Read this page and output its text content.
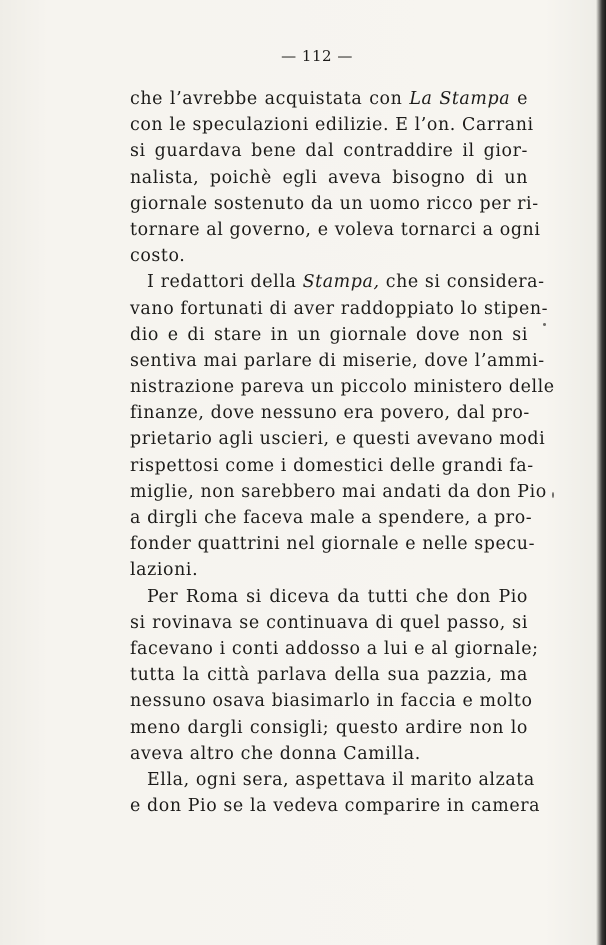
— 112 —
che l’avrebbe acquistata con La Stampa e
con le speculazioni edilizie. E l’on. Carrani
si guardava bene dal contraddire il gior-
nalista, poichè egli aveva bisogno di un
giornale sostenuto da un uomo ricco per ri-
tornare al governo, e voleva tornarci a ogni
costo.
I redattori della Stampa, che si considera-
vano fortunati di aver raddoppiato lo stipen-
dio e di stare in un giornale dove non si
sentiva mai parlare di miserie, dove l’ammi-
nistrazione pareva un piccolo ministero delle
finanze, dove nessuno era povero, dal pro-
prietario agli uscieri, e questi avevano modi
rispettosi come i domestici delle grandi fa-
miglie, non sarebbero mai andati da don Pio
a dirgli che faceva male a spendere, a pro-
fonder quattrini nel giornale e nelle specu-
lazioni.
Per Roma si diceva da tutti che don Pio
si rovinava se continuava di quel passo, si
facevano i conti addosso a lui e al giornale;
tutta la città parlava della sua pazzia, ma
nessuno osava biasimarlo in faccia e molto
meno dargli consigli; questo ardire non lo
aveva altro che donna Camilla.
Ella, ogni sera, aspettava il marito alzata
e don Pio se la vedeva comparire in camera
